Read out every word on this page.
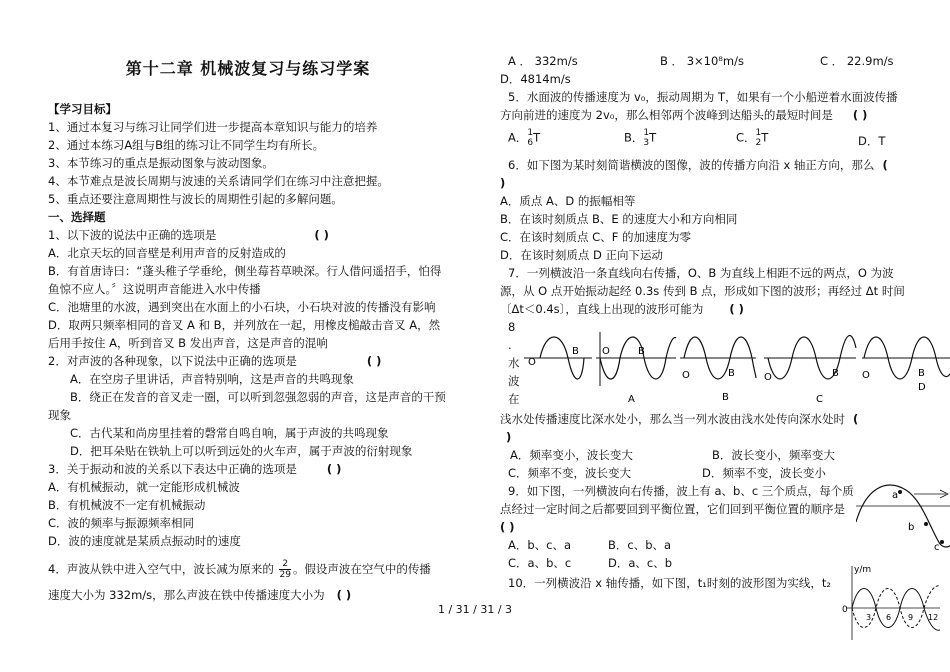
第十二章 机械波复习与练习学案
【学习目标】
1、通过本复习与练习让同学们进一步提高本章知识与能力的培养
2、通过本练习A组与B组的练习让不同学生均有所长。
3、本节练习的重点是振动图象与波动图象。
4、本节难点是波长周期与波速的关系请同学们在练习中注意把握。
5、重点还要注意周期性与波长的周期性引起的多解问题。
一、选择题
1、以下波的说法中正确的选项是	( )
A．北京天坛的回音壁是利用声音的反射造成的
B．有首唐诗曰：“蓬头稚子学垂纶，侧坐莓苔草映深。行人借问遥招手，怕得
鱼惊不应人。〞这说明声音能进入水中传播
C．池塘里的水波，遇到突出在水面上的小石块，小石块对波的传播没有影响
D．取两只频率相同的音叉 A 和 B，并列放在一起，用橡皮槌敲击音叉 A，然
后用手按住 A，听到音叉 B 发出声音，这是声音的混响
2．对声波的各种现象，以下说法中正确的选项是	( )
A．在空房子里讲话，声音特别响，这是声音的共鸣现象
B．绕正在发音的音叉走一圈，可以听到忽强忽弱的声音，这是声音的干预
现象
C．古代某和尚房里挂着的磬常自鸣自响，属于声波的共鸣现象
D．把耳朵贴在铁轨上可以听到远处的火车声，属于声波的衍射现象
3．关于振动和波的关系以下表达中正确的选项是	( )
A．有机械振动，就一定能形成机械波
B．有机械波不一定有机械振动
C．波的频率与振源频率相同
D．波的速度就是某质点振动时的速度
4．声波从铁中进入空气中，波长减为原来的 $\frac{2}{29}$ 。假设声波在空气中的传播
速度大小为 332m/s，那么声波在铁中传播速度大小为 ( )
A ． 332m/s	B ． 3×10⁸m/s	C ． 22.9m/s
D．4814m/s
5．水面波的传播速度为 v₀，振动周期为 T，如果有一个小船逆着水面波传播
方向前进的速度为 2v₀，那么相邻两个波峰到达船头的最短时间是 ( )
A． 1
6 T	B． 1
3 T	C． 1
2 T	D．T
6．如下图为某时刻简谐横波的图像，波的传播方向沿 x 轴正方向，那么 (
)
A．质点 A、D 的振幅相等
B．在该时刻质点 B、E 的速度大小和方向相同
C．在该时刻质点 C、F 的加速度为零
D．在该时刻质点 D 正向下运动
7．一列横波沿一条直线向右传播，O、B 为直线上相距不远的两点，O 为波
源，从 O 点开始振动起经 0.3s 传到 B 点，形成如下图的波形；再经过 Δt 时间
〔Δt＜0.4s〕，直线上出现的波形可能为 ( )
8
.
水
波
在
O
B O	B
A
O	B
B
O	B
C
O	B
D
浅水处传播速度比深水处小，那么当一列水波由浅水处传向深水处时 (
)
A．频率变小，波长变大	B．波长变小，频率变大
C．频率不变，波长变大	D．频率不变，波长变小
9．如下图，一列横波向右传播，波上有 a、b、c 三个质点，每个质
点经过一定时间之后都要回到平衡位置，它们回到平衡位置的顺序是
( )
A．b、c、a	B．c、b、a
C．a、b、c	D．a、c、b
10．一列横波沿 x 轴传播，如下图，t₁时刻的波形图为实线，t₂
a
b
c
y/m
0
3 6 9 12
1 / 31 / 31 / 3
